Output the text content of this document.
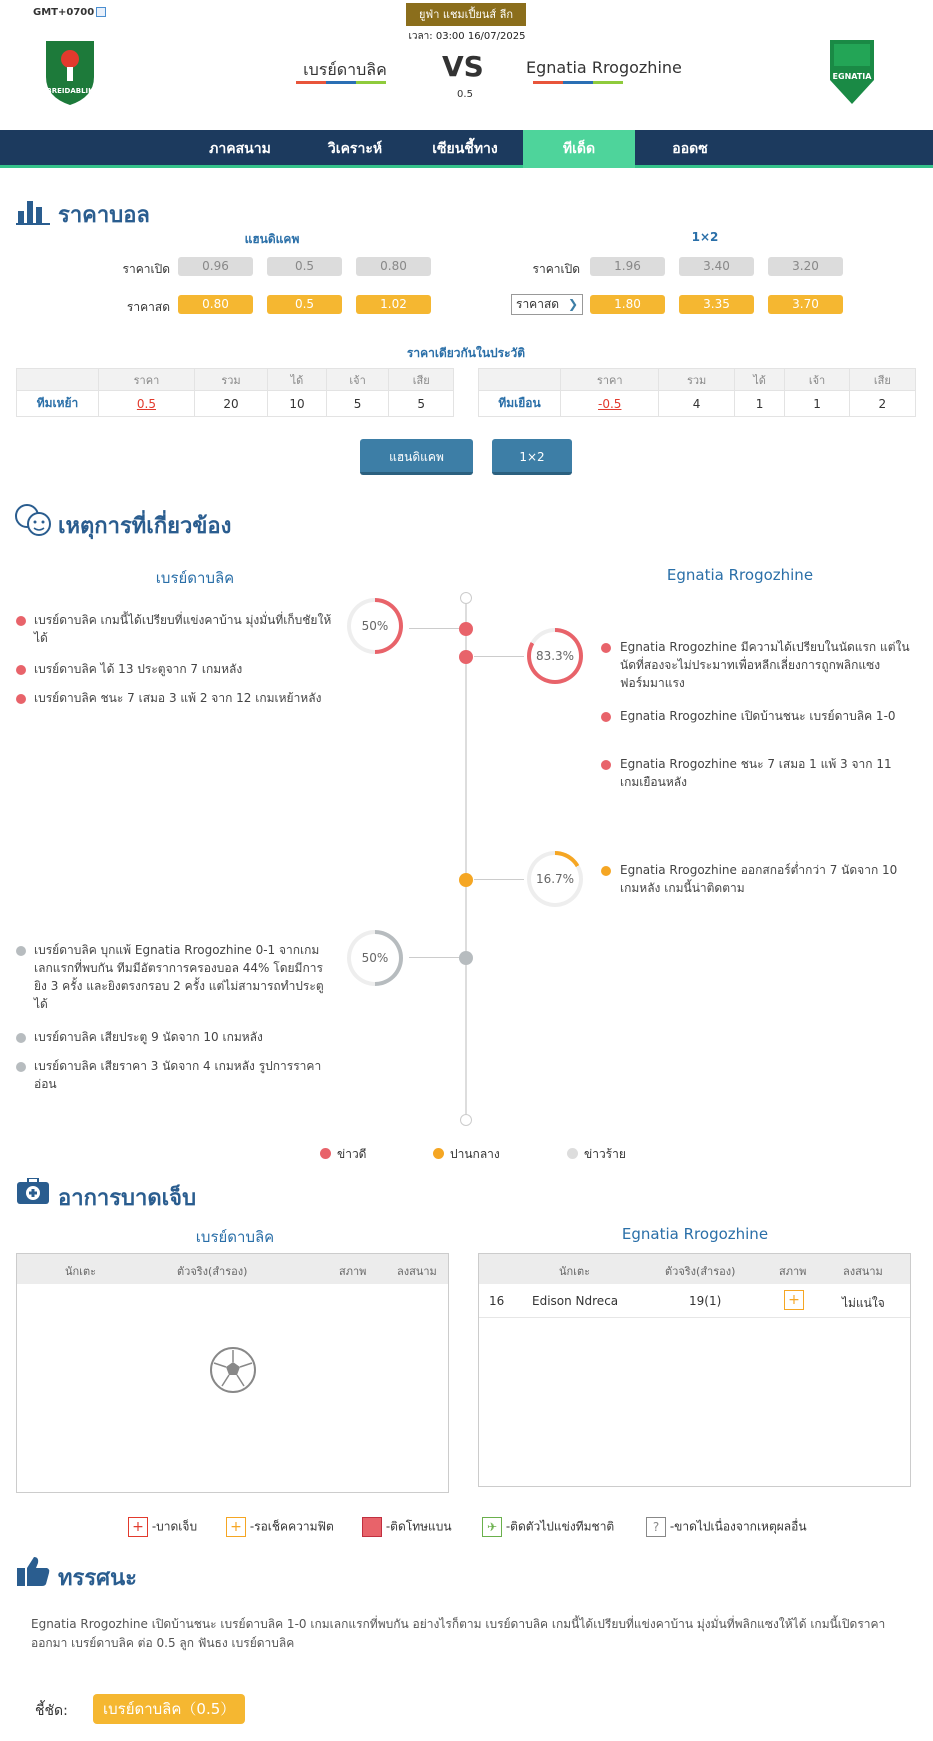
GMT+0700	ยูฟ่า แชมเปี้ยนส์ ลีก
เวลา: 03:00 16/07/2025
BREIDABLIK
EGNATIA
เบรย์ดาบลิค	VS
0.5
Egnatia Rrogozhine
ภาคสนาม	วิเคราะห์	เซียนชี้ทาง	ทีเด็ด	ออดซ
ราคาบอล
แฮนดิแคพ	1×2
ราคาเปิด	0.96	0.5	0.80
ราคาสด	0.80	0.5	1.02
ราคาเปิด	1.96	3.40	3.20
ราคาสด ❯	1.80	3.35	3.70
ราคาเดียวกันในประวัติ
	ราคา	รวม	ได้	เจ้า	เสีย
ทีมเหย้า	0.5	20	10	5	5
	ราคา	รวม	ได้	เจ้า	เสีย
ทีมเยือน	-0.5	4	1	1	2
แฮนดิแคพ	1×2
เหตุการที่เกี่ยวข้อง
เบรย์ดาบลิค	Egnatia Rrogozhine
50%
83.3%
16.7%
50%
เบรย์ดาบลิค เกมนี้ได้เปรียบที่แข่งคาบ้าน มุ่งมั่นที่เก็บชัยให้ได้
เบรย์ดาบลิค ได้ 13 ประตูจาก 7 เกมหลัง
เบรย์ดาบลิค ชนะ 7 เสมอ 3 แพ้ 2 จาก 12 เกมเหย้าหลัง
Egnatia Rrogozhine มีความได้เปรียบในนัดแรก แต่ในนัดที่สองจะไม่ประมาทเพื่อหลีกเลี่ยงการถูกพลิกแซงฟอร์มมาแรง
Egnatia Rrogozhine เปิดบ้านชนะ เบรย์ดาบลิค 1-0
Egnatia Rrogozhine ชนะ 7 เสมอ 1 แพ้ 3 จาก 11 เกมเยือนหลัง
Egnatia Rrogozhine ออกสกอร์ต่ำกว่า 7 นัดจาก 10 เกมหลัง เกมนี้น่าติดตาม
เบรย์ดาบลิค บุกแพ้ Egnatia Rrogozhine 0-1 จากเกมเลกแรกที่พบกัน ทีมมีอัตราการครองบอล 44% โดยมีการยิง 3 ครั้ง และยิงตรงกรอบ 2 ครั้ง แต่ไม่สามารถทำประตูได้
เบรย์ดาบลิค เสียประตู 9 นัดจาก 10 เกมหลัง
เบรย์ดาบลิค เสียราคา 3 นัดจาก 4 เกมหลัง รูปการราคาอ่อน
ข่าวดี	ปานกลาง	ข่าวร้าย
อาการบาดเจ็บ
เบรย์ดาบลิค	Egnatia Rrogozhine
นักเตะ	ตัวจริง(สำรอง)	สภาพ	ลงสนาม	นักเตะ	ตัวจริง(สำรอง)	สภาพ	ลงสนาม
16 Edison Ndreca	19(1)	+	ไม่แน่ใจ
+ -บาดเจ็บ + -รอเช็คความฟิต	-ติดโทษแบน	✈ -ติดตัวไปแข่งทีมชาติ	? -ขาดไปเนื่องจากเหตุผลอื่น
ทรรศนะ
Egnatia Rrogozhine เปิดบ้านชนะ เบรย์ดาบลิค 1-0 เกมเลกแรกที่พบกัน อย่างไรก็ตาม เบรย์ดาบลิค เกมนี้ได้เปรียบที่แข่งคาบ้าน มุ่งมั่นที่พลิกแซงให้ได้ เกมนี้เปิดราคาออกมา เบรย์ดาบลิค ต่อ 0.5 ลูก ฟันธง เบรย์ดาบลิค
ชี้ชัด:	เบรย์ดาบลิค（0.5）
